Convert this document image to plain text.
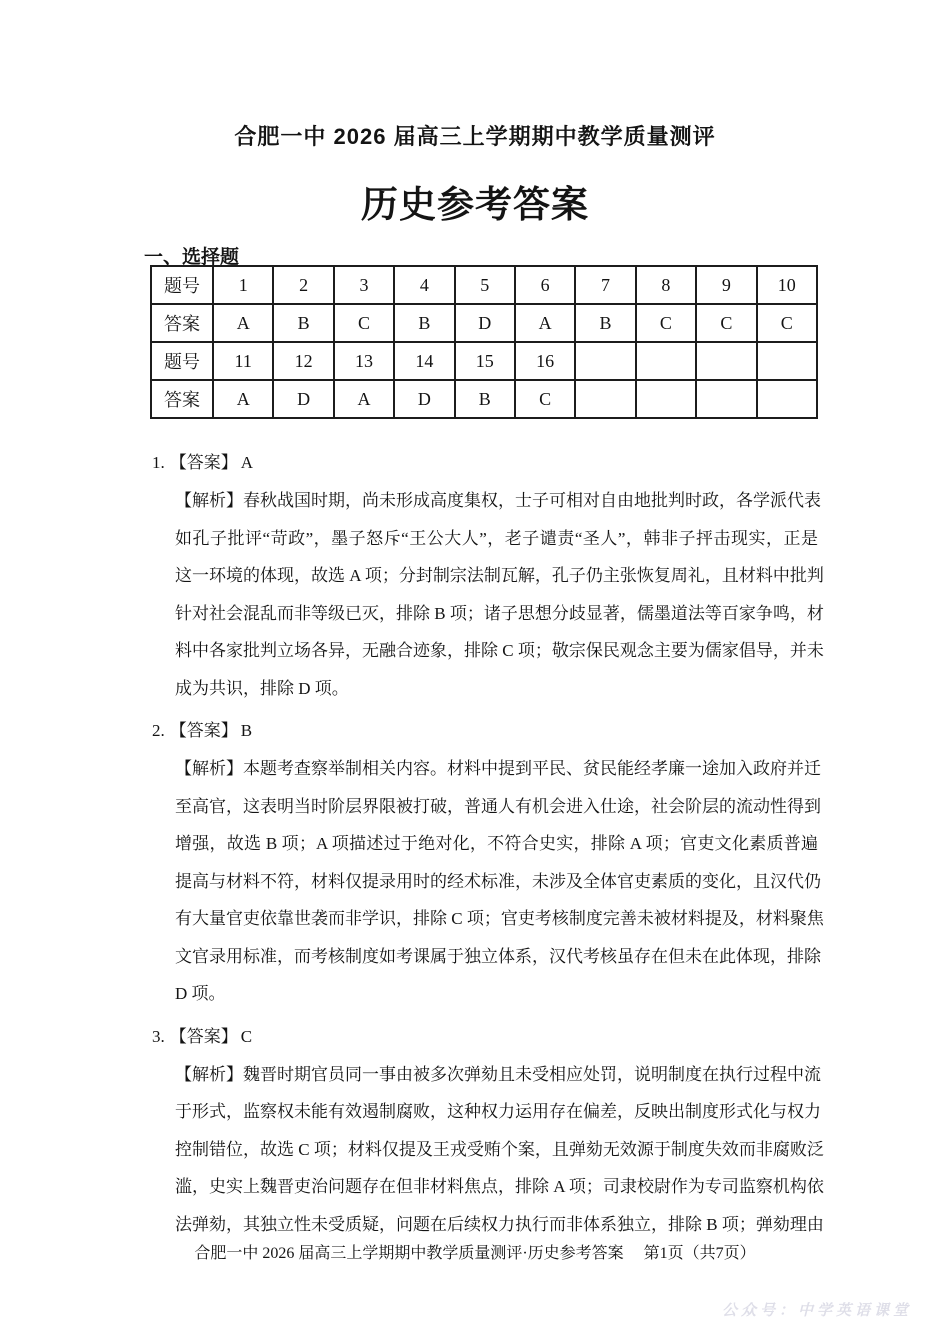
合肥一中 2026 届高三上学期期中教学质量测评
历史参考答案
一、选择题
题号	1	2	3	4	5	6	7	8	9	10
答案	A	B	C	B	D	A	B	C	C	C
题号	11	12	13	14	15	16				
答案	A	D	A	D	B	C				
1. 【答案】 A
【解析】春秋战国时期，尚未形成高度集权，士子可相对自由地批判时政，各学派代表
如孔子批评“苛政”，墨子怒斥“王公大人”，老子谴责“圣人”，韩非子抨击现实，正是
这一环境的体现，故选 A 项；分封制宗法制瓦解，孔子仍主张恢复周礼，且材料中批判
针对社会混乱而非等级已灭，排除 B 项；诸子思想分歧显著，儒墨道法等百家争鸣，材
料中各家批判立场各异，无融合迹象，排除 C 项；敬宗保民观念主要为儒家倡导，并未
成为共识，排除 D 项。
2. 【答案】 B
【解析】本题考查察举制相关内容。材料中提到平民、贫民能经孝廉一途加入政府并迁
至高官，这表明当时阶层界限被打破，普通人有机会进入仕途，社会阶层的流动性得到
增强，故选 B 项；A 项描述过于绝对化，不符合史实，排除 A 项；官吏文化素质普遍
提高与材料不符，材料仅提录用时的经术标准，未涉及全体官吏素质的变化，且汉代仍
有大量官吏依靠世袭而非学识，排除 C 项；官吏考核制度完善未被材料提及，材料聚焦
文官录用标准，而考核制度如考课属于独立体系，汉代考核虽存在但未在此体现，排除
D 项。
3. 【答案】 C
【解析】魏晋时期官员同一事由被多次弹劾且未受相应处罚，说明制度在执行过程中流
于形式，监察权未能有效遏制腐败，这种权力运用存在偏差，反映出制度形式化与权力
控制错位，故选 C 项；材料仅提及王戎受贿个案，且弹劾无效源于制度失效而非腐败泛
滥，史实上魏晋吏治问题存在但非材料焦点，排除 A 项；司隶校尉作为专司监察机构依
法弹劾，其独立性未受质疑，问题在后续权力执行而非体系独立，排除 B 项；弹劾理由
合肥一中 2026 届高三上学期期中教学质量测评·历史参考答案 第1页（共7页）
公众号：中学英语课堂
